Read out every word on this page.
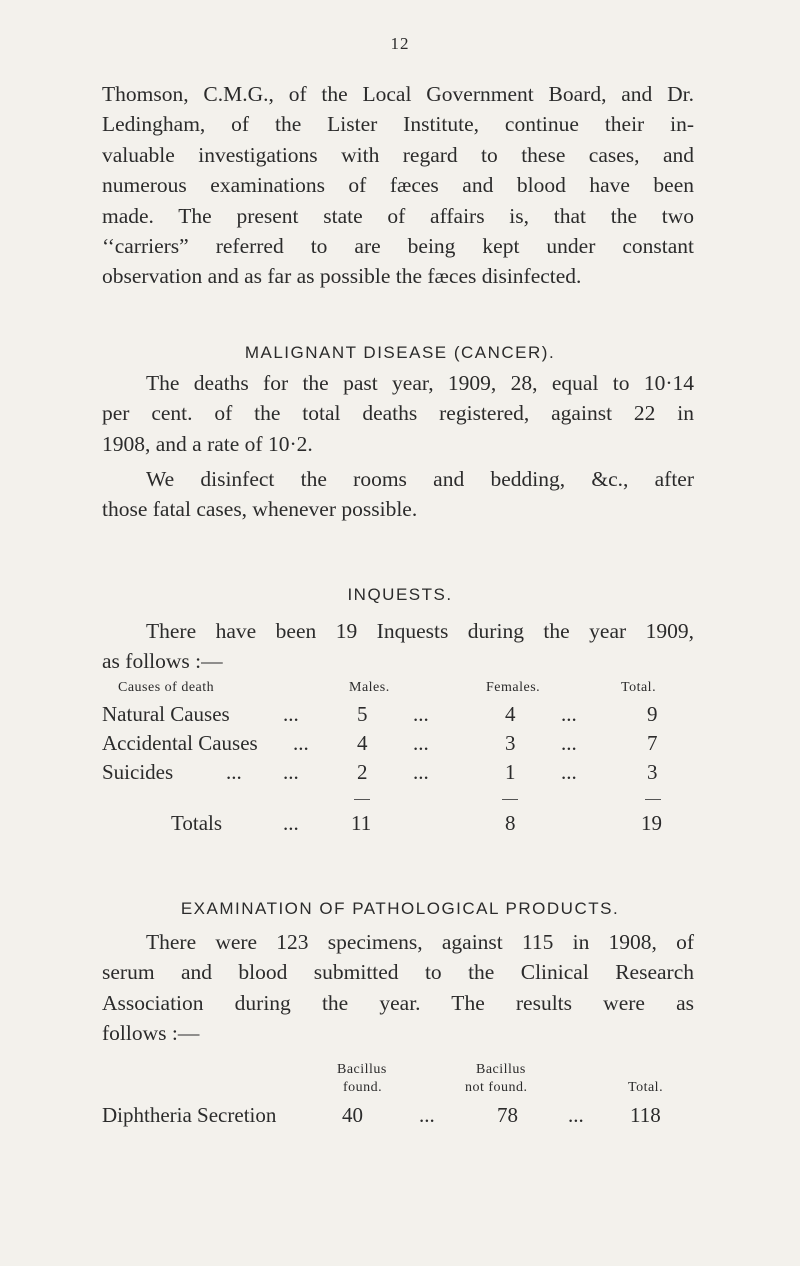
12
Thomson, C.M.G., of the Local Government Board, and Dr.
Ledingham, of the Lister Institute, continue their in-
valuable investigations with regard to these cases, and
numerous examinations of fæces and blood have been
made. The present state of affairs is, that the two
‘‘carriers” referred to are being kept under constant
observation and as far as possible the fæces disinfected.
MALIGNANT DISEASE (CANCER).
The deaths for the past year, 1909, 28, equal to 10·14
per cent. of the total deaths registered, against 22 in
1908, and a rate of 10·2.
We disinfect the rooms and bedding, &c., after
those fatal cases, whenever possible.
INQUESTS.
There have been 19 Inquests during the year 1909,
as follows :—
Causes of death	Males.	Females.	Total.
Natural Causes	...	5 ...	4 ...	9
Accidental Causes ... 4 ...	3 ...	7
Suicides	... ...	2 ...	1 ...	3
Totals	... 11	8	19
EXAMINATION OF PATHOLOGICAL PRODUCTS.
There were 123 specimens, against 115 in 1908, of
serum and blood submitted to the Clinical Research
Association during the year. The results were as
follows :—
Bacillus
found.
Bacillus
not found.	Total.
Diphtheria Secretion	40	...	78 ... 118
